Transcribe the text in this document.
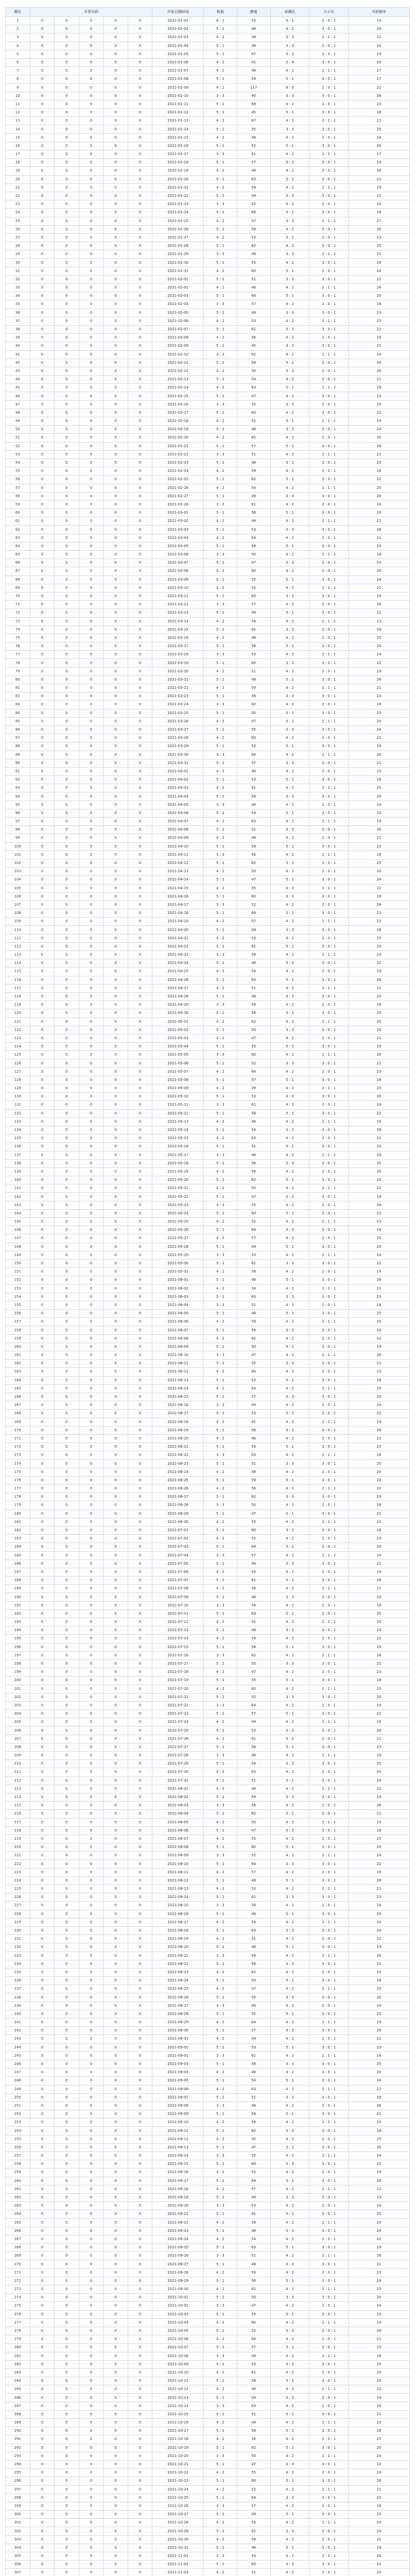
期次	开奖号码					开奖日期时间	和值	跨度	奇偶比	大小比	号码排序
1	0	0	0	0	0	2021-01-01	8 : 1	53	5 : 1	2 : 0 : 1	14
2	0	0	0	0	0	2021-01-02	5 : 1	48	4 : 2	3 : 0 : 1	29
3	0	0	0	0	0	2021-01-03	4 : 2	38	3 : 3	2 : 1 : 1	22
4	0	0	0	0	0	2021-01-04	5 : 1	38	3 : 3	2 : 0 : 1	24
5	0	0	0	0	0	2021-01-05	5 : 1	87	3 : 3	3 : 0 : 1	19
6	0	0	0	0	0	2021-01-06	4 : 2	41	2 : 4	3 : 0 : 1	20
7	0	0	0	0	0	2021-01-07	4 : 2	46	4 : 2	2 : 1 : 1	27
8	0	0	0	0	0	2021-01-08	5 : 1	54	5 : 1	3 : 0 : 1	17
9	0	0	0	0	0	2021-01-09	4 : 2	117	6 : 0	2 : 0 : 1	22
10	0	0	0	0	0	2021-01-10	3 : 3	90	3 : 3	3 : 0 : 1	26
11	0	0	0	0	0	2021-01-11	5 : 1	68	4 : 2	2 : 0 : 1	23
12	0	0	0	0	0	2021-01-12	5 : 1	45	5 : 1	3 : 0 : 1	18
13	0	0	0	0	0	2021-01-13	4 : 2	67	4 : 2	2 : 1 : 1	21
14	0	0	0	0	0	2021-01-14	5 : 1	55	3 : 3	3 : 0 : 1	25
15	0	0	0	0	0	2021-01-15	4 : 2	48	4 : 2	2 : 0 : 1	24
16	0	0	0	0	0	2021-01-16	5 : 1	52	5 : 1	3 : 0 : 1	20
17	0	0	0	0	0	2021-01-17	3 : 3	61	4 : 2	2 : 1 : 1	17
18	0	0	0	0	0	2021-01-18	5 : 1	57	3 : 3	3 : 0 : 1	23
19	0	0	0	0	0	2021-01-19	4 : 2	49	4 : 2	2 : 0 : 1	26
20	0	0	0	0	0	2021-01-20	5 : 1	63	5 : 1	3 : 0 : 1	21
21	0	0	0	0	0	2021-01-21	4 : 2	58	4 : 2	2 : 1 : 1	19
22	0	0	0	0	0	2021-01-22	5 : 1	44	3 : 3	3 : 0 : 1	22
23	0	0	0	0	0	2021-01-23	3 : 3	52	4 : 2	2 : 0 : 1	24
24	0	0	0	0	0	2021-01-24	5 : 1	66	5 : 1	3 : 0 : 1	18
25	0	0	0	0	0	2021-01-25	4 : 2	47	3 : 3	2 : 1 : 1	27
26	0	0	0	0	0	2021-01-26	5 : 1	59	4 : 2	3 : 0 : 1	20
27	0	0	0	0	0	2021-01-27	4 : 2	53	5 : 1	2 : 0 : 1	23
28	0	0	0	0	0	2021-01-28	5 : 1	62	4 : 2	3 : 0 : 1	25
29	0	0	0	0	0	2021-01-29	3 : 3	48	3 : 3	2 : 1 : 1	21
30	0	0	0	0	0	2021-01-30	5 : 1	55	4 : 2	3 : 0 : 1	19
31	0	0	0	0	0	2021-01-31	4 : 2	60	5 : 1	2 : 0 : 1	24
32	0	0	0	0	0	2021-02-01	5 : 1	51	3 : 3	3 : 0 : 1	22
33	0	0	0	0	0	2021-02-02	4 : 2	46	4 : 2	2 : 1 : 1	26
34	0	0	0	0	0	2021-02-03	5 : 1	64	5 : 1	3 : 0 : 1	20
35	0	0	0	0	0	2021-02-04	3 : 3	57	4 : 2	2 : 0 : 1	18
36	0	0	0	0	0	2021-02-05	5 : 1	49	3 : 3	3 : 0 : 1	23
37	0	0	0	0	0	2021-02-06	4 : 2	53	4 : 2	2 : 1 : 1	25
38	0	0	0	0	0	2021-02-07	5 : 1	61	5 : 1	3 : 0 : 1	21
39	0	0	0	0	0	2021-02-08	4 : 2	56	4 : 2	2 : 0 : 1	19
40	0	0	0	0	0	2021-02-09	5 : 1	45	3 : 3	3 : 0 : 1	22
41	0	0	0	0	0	2021-02-10	3 : 3	62	4 : 2	2 : 1 : 1	24
42	0	0	0	0	0	2021-02-11	5 : 1	58	5 : 1	3 : 0 : 1	20
43	0	0	0	0	0	2021-02-12	4 : 2	50	3 : 3	2 : 0 : 1	26
44	0	0	0	0	0	2021-02-13	5 : 1	54	4 : 2	3 : 0 : 1	21
45	0	0	0	0	0	2021-02-14	4 : 2	63	5 : 1	2 : 1 : 1	18
46	0	0	0	0	0	2021-02-15	5 : 1	47	4 : 2	3 : 0 : 1	23
47	0	0	0	0	0	2021-02-16	3 : 3	55	3 : 3	2 : 0 : 1	25
48	0	0	0	0	0	2021-02-17	5 : 1	60	4 : 2	3 : 0 : 1	22
49	0	0	0	0	0	2021-02-18	4 : 2	52	5 : 1	2 : 1 : 1	19
50	0	0	0	0	0	2021-02-19	5 : 1	48	3 : 3	3 : 0 : 1	24
51	0	0	0	0	0	2021-02-20	4 : 2	65	4 : 2	2 : 0 : 1	20
52	0	0	0	0	0	2021-02-21	5 : 1	57	5 : 1	3 : 0 : 1	26
53	0	0	0	0	0	2021-02-22	3 : 3	51	4 : 2	2 : 1 : 1	21
54	0	0	0	0	0	2021-02-23	5 : 1	46	3 : 3	3 : 0 : 1	23
55	0	0	0	0	0	2021-02-24	4 : 2	59	4 : 2	2 : 0 : 1	18
56	0	0	0	0	0	2021-02-25	5 : 1	62	5 : 1	3 : 0 : 1	22
57	0	0	0	0	0	2021-02-26	4 : 2	54	4 : 2	2 : 1 : 1	25
58	0	0	0	0	0	2021-02-27	5 : 1	49	3 : 3	3 : 0 : 1	20
59	0	0	0	0	0	2021-02-28	3 : 3	61	4 : 2	2 : 0 : 1	24
60	0	0	0	0	0	2021-03-01	5 : 1	56	5 : 1	3 : 0 : 1	19
61	0	0	0	0	0	2021-03-02	4 : 2	48	4 : 2	2 : 1 : 1	22
62	0	0	0	0	0	2021-03-03	5 : 1	53	3 : 3	3 : 0 : 1	26
63	0	0	0	0	0	2021-03-04	4 : 2	64	4 : 2	2 : 0 : 1	21
64	0	0	0	0	0	2021-03-05	5 : 1	58	5 : 1	3 : 0 : 1	23
65	0	0	0	0	0	2021-03-06	3 : 3	50	4 : 2	2 : 1 : 1	18
66	0	0	0	0	0	2021-03-07	5 : 1	47	3 : 3	3 : 0 : 1	25
67	0	0	0	0	0	2021-03-08	4 : 2	60	4 : 2	2 : 0 : 1	20
68	0	0	0	0	0	2021-03-09	5 : 1	55	5 : 1	3 : 0 : 1	24
69	0	0	0	0	0	2021-03-10	4 : 2	52	4 : 2	2 : 1 : 1	22
70	0	0	0	0	0	2021-03-11	5 : 1	63	3 : 3	3 : 0 : 1	19
71	0	0	0	0	0	2021-03-12	3 : 3	57	4 : 2	2 : 0 : 1	26
72	0	0	0	0	0	2021-03-13	5 : 1	49	5 : 1	3 : 0 : 1	21
73	0	0	0	0	0	2021-03-14	4 : 2	54	4 : 2	2 : 1 : 1	23
74	0	0	0	0	0	2021-03-15	5 : 1	61	3 : 3	3 : 0 : 1	18
75	0	0	0	0	0	2021-03-16	4 : 2	46	4 : 2	2 : 0 : 1	25
76	0	0	0	0	0	2021-03-17	5 : 1	58	5 : 1	3 : 0 : 1	20
77	0	0	0	0	0	2021-03-18	3 : 3	53	4 : 2	2 : 1 : 1	24
78	0	0	0	0	0	2021-03-19	5 : 1	65	3 : 3	3 : 0 : 1	22
79	0	0	0	0	0	2021-03-20	4 : 2	51	4 : 2	2 : 0 : 1	19
80	0	0	0	0	0	2021-03-21	5 : 1	48	5 : 1	3 : 0 : 1	26
81	0	0	0	0	0	2021-03-22	4 : 2	59	4 : 2	2 : 1 : 1	21
82	0	0	0	0	0	2021-03-23	5 : 1	56	3 : 3	3 : 0 : 1	23
83	0	0	0	0	0	2021-03-24	3 : 3	62	4 : 2	2 : 0 : 1	18
84	0	0	0	0	0	2021-03-25	5 : 1	50	5 : 1	3 : 0 : 1	25
85	0	0	0	0	0	2021-03-26	4 : 2	47	4 : 2	2 : 1 : 1	20
86	0	0	0	0	0	2021-03-27	5 : 1	55	3 : 3	3 : 0 : 1	24
87	0	0	0	0	0	2021-03-28	4 : 2	60	4 : 2	2 : 0 : 1	22
88	0	0	0	0	0	2021-03-29	5 : 1	52	5 : 1	3 : 0 : 1	19
89	0	0	0	0	0	2021-03-30	3 : 3	64	4 : 2	2 : 1 : 1	26
90	0	0	0	0	0	2021-03-31	5 : 1	57	3 : 3	3 : 0 : 1	21
91	0	0	0	0	0	2021-04-01	4 : 2	49	4 : 2	2 : 0 : 1	23
92	0	0	0	0	0	2021-04-02	5 : 1	53	5 : 1	3 : 0 : 1	18
93	0	0	0	0	0	2021-04-03	4 : 2	61	4 : 2	2 : 1 : 1	25
94	0	0	0	0	0	2021-04-04	5 : 1	58	3 : 3	3 : 0 : 1	20
95	0	0	0	0	0	2021-04-05	3 : 3	46	4 : 2	2 : 0 : 1	24
96	0	0	0	0	0	2021-04-06	5 : 1	54	5 : 1	3 : 0 : 1	22
97	0	0	0	0	0	2021-04-07	4 : 2	63	4 : 2	2 : 1 : 1	19
98	0	0	0	0	0	2021-04-08	5 : 1	51	3 : 3	3 : 0 : 1	26
99	0	0	0	0	0	2021-04-09	4 : 2	48	4 : 2	2 : 0 : 1	21
100	0	0	0	0	0	2021-04-10	5 : 1	59	5 : 1	3 : 0 : 1	23
101	0	0	0	0	0	2021-04-11	3 : 3	56	4 : 2	2 : 1 : 1	18
102	0	0	0	0	0	2021-04-12	5 : 1	62	3 : 3	3 : 0 : 1	25
103	0	0	0	0	0	2021-04-13	4 : 2	50	4 : 2	2 : 0 : 1	20
104	0	0	0	0	0	2021-04-14	5 : 1	47	5 : 1	3 : 0 : 1	24
105	0	0	0	0	0	2021-04-15	4 : 2	55	4 : 2	2 : 1 : 1	22
106	0	0	0	0	0	2021-04-16	5 : 1	60	3 : 3	3 : 0 : 1	19
107	0	0	0	0	0	2021-04-17	3 : 3	52	4 : 2	2 : 0 : 1	26
108	0	0	0	0	0	2021-04-18	5 : 1	64	5 : 1	3 : 0 : 1	21
109	0	0	0	0	0	2021-04-19	4 : 2	57	4 : 2	2 : 1 : 1	23
110	0	0	0	0	0	2021-04-20	5 : 1	49	3 : 3	3 : 0 : 1	18
111	0	0	0	0	0	2021-04-21	4 : 2	53	4 : 2	2 : 0 : 1	25
112	0	0	0	0	0	2021-04-22	5 : 1	61	5 : 1	3 : 0 : 1	20
113	0	0	0	0	0	2021-04-23	3 : 3	58	4 : 2	2 : 1 : 1	24
114	0	0	0	0	0	2021-04-24	5 : 1	46	3 : 3	3 : 0 : 1	22
115	0	0	0	0	0	2021-04-25	4 : 2	54	4 : 2	2 : 0 : 1	19
116	0	0	0	0	0	2021-04-26	5 : 1	63	5 : 1	3 : 0 : 1	26
117	0	0	0	0	0	2021-04-27	4 : 2	51	4 : 2	2 : 1 : 1	21
118	0	0	0	0	0	2021-04-28	5 : 1	48	3 : 3	3 : 0 : 1	23
119	0	0	0	0	0	2021-04-29	3 : 3	59	4 : 2	2 : 0 : 1	18
120	0	0	0	0	0	2021-04-30	5 : 1	56	5 : 1	3 : 0 : 1	25
121	0	0	0	0	0	2021-05-01	4 : 2	62	4 : 2	2 : 1 : 1	20
122	0	0	0	0	0	2021-05-02	5 : 1	50	3 : 3	3 : 0 : 1	24
123	0	0	0	0	0	2021-05-03	4 : 2	47	4 : 2	2 : 0 : 1	22
124	0	0	0	0	0	2021-05-04	5 : 1	55	5 : 1	3 : 0 : 1	19
125	0	0	0	0	0	2021-05-05	3 : 3	60	4 : 2	2 : 1 : 1	26
126	0	0	0	0	0	2021-05-06	5 : 1	52	3 : 3	3 : 0 : 1	21
127	0	0	0	0	0	2021-05-07	4 : 2	64	4 : 2	2 : 0 : 1	23
128	0	0	0	0	0	2021-05-08	5 : 1	57	5 : 1	3 : 0 : 1	18
129	0	0	0	0	0	2021-05-09	4 : 2	49	4 : 2	2 : 1 : 1	25
130	0	0	0	0	0	2021-05-10	5 : 1	53	3 : 3	3 : 0 : 1	20
131	0	0	0	0	0	2021-05-11	3 : 3	61	4 : 2	2 : 0 : 1	24
132	0	0	0	0	0	2021-05-12	5 : 1	58	5 : 1	3 : 0 : 1	22
133	0	0	0	0	0	2021-05-13	4 : 2	46	4 : 2	2 : 1 : 1	19
134	0	0	0	0	0	2021-05-14	5 : 1	54	3 : 3	3 : 0 : 1	26
135	0	0	0	0	0	2021-05-15	4 : 2	63	4 : 2	2 : 0 : 1	21
136	0	0	0	0	0	2021-05-16	5 : 1	51	5 : 1	3 : 0 : 1	23
137	0	0	0	0	0	2021-05-17	3 : 3	48	4 : 2	2 : 1 : 1	18
138	0	0	0	0	0	2021-05-18	5 : 1	59	3 : 3	3 : 0 : 1	25
139	0	0	0	0	0	2021-05-19	4 : 2	56	4 : 2	2 : 0 : 1	20
140	0	0	0	0	0	2021-05-20	5 : 1	62	5 : 1	3 : 0 : 1	24
141	0	0	0	0	0	2021-05-21	4 : 2	50	4 : 2	2 : 1 : 1	22
142	0	0	0	0	0	2021-05-22	5 : 1	47	3 : 3	3 : 0 : 1	19
143	0	0	0	0	0	2021-05-23	3 : 3	55	4 : 2	2 : 0 : 1	26
144	0	0	0	0	0	2021-05-24	5 : 1	60	5 : 1	3 : 0 : 1	21
145	0	0	0	0	0	2021-05-25	4 : 2	52	4 : 2	2 : 1 : 1	23
146	0	0	0	0	0	2021-05-26	5 : 1	64	3 : 3	3 : 0 : 1	18
147	0	0	0	0	0	2021-05-27	4 : 2	57	4 : 2	2 : 0 : 1	25
148	0	0	0	0	0	2021-05-28	5 : 1	49	5 : 1	3 : 0 : 1	20
149	0	0	0	0	0	2021-05-29	3 : 3	53	4 : 2	2 : 1 : 1	24
150	0	0	0	0	0	2021-05-30	5 : 1	61	3 : 3	3 : 0 : 1	22
151	0	0	0	0	0	2021-05-31	4 : 2	58	4 : 2	2 : 0 : 1	19
152	0	0	0	0	0	2021-06-01	5 : 1	46	5 : 1	3 : 0 : 1	26
153	0	0	0	0	0	2021-06-02	4 : 2	54	4 : 2	2 : 1 : 1	21
154	0	0	0	0	0	2021-06-03	5 : 1	63	3 : 3	3 : 0 : 1	23
155	0	0	0	0	0	2021-06-04	3 : 3	51	4 : 2	2 : 0 : 1	18
156	0	0	0	0	0	2021-06-05	5 : 1	48	5 : 1	3 : 0 : 1	25
157	0	0	0	0	0	2021-06-06	4 : 2	59	4 : 2	2 : 1 : 1	20
158	0	0	0	0	0	2021-06-07	5 : 1	56	3 : 3	3 : 0 : 1	24
159	0	0	0	0	0	2021-06-08	4 : 2	62	4 : 2	2 : 0 : 1	22
160	0	0	0	0	0	2021-06-09	5 : 1	50	5 : 1	3 : 0 : 1	19
161	0	0	0	0	0	2021-06-10	3 : 3	47	4 : 2	2 : 1 : 1	26
162	0	0	0	0	0	2021-06-11	5 : 1	55	3 : 3	3 : 0 : 1	21
163	0	0	0	0	0	2021-06-12	4 : 2	60	4 : 2	2 : 0 : 1	23
164	0	0	0	0	0	2021-06-13	5 : 1	52	5 : 1	3 : 0 : 1	18
165	0	0	0	0	0	2021-06-14	4 : 2	64	4 : 2	2 : 1 : 1	25
166	0	0	0	0	0	2021-06-15	5 : 1	57	3 : 3	3 : 0 : 1	20
167	0	0	0	0	0	2021-06-16	3 : 3	49	4 : 2	2 : 0 : 1	24
168	0	0	0	0	0	2021-06-17	5 : 1	53	5 : 1	3 : 0 : 1	22
169	0	0	0	0	0	2021-06-18	4 : 2	61	4 : 2	2 : 1 : 1	19
170	0	0	0	0	0	2021-06-19	5 : 1	58	3 : 3	3 : 0 : 1	26
171	0	0	0	0	0	2021-06-20	4 : 2	46	4 : 2	2 : 0 : 1	21
172	0	0	0	0	0	2021-06-21	5 : 1	54	5 : 1	3 : 0 : 1	23
173	0	0	0	0	0	2021-06-22	3 : 3	63	4 : 2	2 : 1 : 1	18
174	0	0	0	0	0	2021-06-23	5 : 1	51	3 : 3	3 : 0 : 1	25
175	0	0	0	0	0	2021-06-24	4 : 2	48	4 : 2	2 : 0 : 1	20
176	0	0	0	0	0	2021-06-25	5 : 1	59	5 : 1	3 : 0 : 1	24
177	0	0	0	0	0	2021-06-26	4 : 2	56	4 : 2	2 : 1 : 1	22
178	0	0	0	0	0	2021-06-27	5 : 1	62	3 : 3	3 : 0 : 1	19
179	0	0	0	0	0	2021-06-28	3 : 3	50	4 : 2	2 : 0 : 1	26
180	0	0	0	0	0	2021-06-29	5 : 1	47	5 : 1	3 : 0 : 1	21
181	0	0	0	0	0	2021-06-30	4 : 2	55	4 : 2	2 : 1 : 1	23
182	0	0	0	0	0	2021-07-01	5 : 1	60	3 : 3	3 : 0 : 1	18
183	0	0	0	0	0	2021-07-02	4 : 2	52	4 : 2	2 : 0 : 1	25
184	0	0	0	0	0	2021-07-03	5 : 1	64	5 : 1	3 : 0 : 1	20
185	0	0	0	0	0	2021-07-04	3 : 3	57	4 : 2	2 : 1 : 1	24
186	0	0	0	0	0	2021-07-05	5 : 1	49	3 : 3	3 : 0 : 1	22
187	0	0	0	0	0	2021-07-06	4 : 2	53	4 : 2	2 : 0 : 1	19
188	0	0	0	0	0	2021-07-07	5 : 1	61	5 : 1	3 : 0 : 1	26
189	0	0	0	0	0	2021-07-08	4 : 2	58	4 : 2	2 : 1 : 1	21
190	0	0	0	0	0	2021-07-09	5 : 1	46	3 : 3	3 : 0 : 1	23
191	0	0	0	0	0	2021-07-10	3 : 3	54	4 : 2	2 : 0 : 1	18
192	0	0	0	0	0	2021-07-11	5 : 1	63	5 : 1	3 : 0 : 1	25
193	0	0	0	0	0	2021-07-12	4 : 2	51	4 : 2	2 : 1 : 1	20
194	0	0	0	0	0	2021-07-13	5 : 1	48	3 : 3	3 : 0 : 1	24
195	0	0	0	0	0	2021-07-14	4 : 2	59	4 : 2	2 : 0 : 1	22
196	0	0	0	0	0	2021-07-15	5 : 1	56	5 : 1	3 : 0 : 1	19
197	0	0	0	0	0	2021-07-16	3 : 3	62	4 : 2	2 : 1 : 1	26
198	0	0	0	0	0	2021-07-17	5 : 1	50	3 : 3	3 : 0 : 1	21
199	0	0	0	0	0	2021-07-18	4 : 2	47	4 : 2	2 : 0 : 1	23
200	0	0	0	0	0	2021-07-19	5 : 1	55	5 : 1	3 : 0 : 1	18
201	0	0	0	0	0	2021-07-20	4 : 2	60	4 : 2	2 : 1 : 1	25
202	0	0	0	0	0	2021-07-21	5 : 1	52	3 : 3	3 : 0 : 1	20
203	0	0	0	0	0	2021-07-22	3 : 3	64	4 : 2	2 : 0 : 1	24
204	0	0	0	0	0	2021-07-23	5 : 1	57	5 : 1	3 : 0 : 1	22
205	0	0	0	0	0	2021-07-24	4 : 2	49	4 : 2	2 : 1 : 1	19
206	0	0	0	0	0	2021-07-25	5 : 1	53	3 : 3	3 : 0 : 1	26
207	0	0	0	0	0	2021-07-26	4 : 2	61	4 : 2	2 : 0 : 1	21
208	0	0	0	0	0	2021-07-27	5 : 1	58	5 : 1	3 : 0 : 1	23
209	0	0	0	0	0	2021-07-28	3 : 3	46	4 : 2	2 : 1 : 1	18
210	0	0	0	0	0	2021-07-29	5 : 1	54	3 : 3	3 : 0 : 1	25
211	0	0	0	0	0	2021-07-30	4 : 2	63	4 : 2	2 : 0 : 1	20
212	0	0	0	0	0	2021-07-31	5 : 1	51	5 : 1	3 : 0 : 1	24
213	0	0	0	0	0	2021-08-01	4 : 2	48	4 : 2	2 : 1 : 1	22
214	0	0	0	0	0	2021-08-02	5 : 1	59	3 : 3	3 : 0 : 1	19
215	0	0	0	0	0	2021-08-03	3 : 3	56	4 : 2	2 : 0 : 1	26
216	0	0	0	0	0	2021-08-04	5 : 1	62	5 : 1	3 : 0 : 1	21
217	0	0	0	0	0	2021-08-05	4 : 2	50	4 : 2	2 : 1 : 1	23
218	0	0	0	0	0	2021-08-06	5 : 1	47	3 : 3	3 : 0 : 1	18
219	0	0	0	0	0	2021-08-07	4 : 2	55	4 : 2	2 : 0 : 1	25
220	0	0	0	0	0	2021-08-08	5 : 1	60	5 : 1	3 : 0 : 1	20
221	0	0	0	0	0	2021-08-09	3 : 3	52	4 : 2	2 : 1 : 1	24
222	0	0	0	0	0	2021-08-10	5 : 1	64	3 : 3	3 : 0 : 1	22
223	0	0	0	0	0	2021-08-11	4 : 2	57	4 : 2	2 : 0 : 1	19
224	0	0	0	0	0	2021-08-12	5 : 1	49	5 : 1	3 : 0 : 1	26
225	0	0	0	0	0	2021-08-13	4 : 2	53	4 : 2	2 : 1 : 1	21
226	0	0	0	0	0	2021-08-14	5 : 1	61	3 : 3	3 : 0 : 1	23
227	0	0	0	0	0	2021-08-15	3 : 3	58	4 : 2	2 : 0 : 1	18
228	0	0	0	0	0	2021-08-16	5 : 1	46	5 : 1	3 : 0 : 1	25
229	0	0	0	0	0	2021-08-17	4 : 2	54	4 : 2	2 : 1 : 1	20
230	0	0	0	0	0	2021-08-18	5 : 1	63	3 : 3	3 : 0 : 1	24
231	0	0	0	0	0	2021-08-19	4 : 2	51	4 : 2	2 : 0 : 1	22
232	0	0	0	0	0	2021-08-20	5 : 1	48	5 : 1	3 : 0 : 1	19
233	0	0	0	0	0	2021-08-21	3 : 3	59	4 : 2	2 : 1 : 1	26
234	0	0	0	0	0	2021-08-22	5 : 1	56	3 : 3	3 : 0 : 1	21
235	0	0	0	0	0	2021-08-23	4 : 2	62	4 : 2	2 : 0 : 1	23
236	0	0	0	0	0	2021-08-24	5 : 1	50	5 : 1	3 : 0 : 1	18
237	0	0	0	0	0	2021-08-25	4 : 2	47	4 : 2	2 : 1 : 1	25
238	0	0	0	0	0	2021-08-26	5 : 1	55	3 : 3	3 : 0 : 1	20
239	0	0	0	0	0	2021-08-27	3 : 3	60	4 : 2	2 : 0 : 1	24
240	0	0	0	0	0	2021-08-28	5 : 1	52	5 : 1	3 : 0 : 1	22
241	0	0	0	0	0	2021-08-29	4 : 2	64	4 : 2	2 : 1 : 1	19
242	0	0	0	0	0	2021-08-30	5 : 1	57	3 : 3	3 : 0 : 1	26
243	0	0	0	0	0	2021-08-31	4 : 2	49	4 : 2	2 : 0 : 1	21
244	0	0	0	0	0	2021-09-01	5 : 1	53	5 : 1	3 : 0 : 1	23
245	0	0	0	0	0	2021-09-02	3 : 3	61	4 : 2	2 : 1 : 1	18
246	0	0	0	0	0	2021-09-03	5 : 1	58	3 : 3	3 : 0 : 1	25
247	0	0	0	0	0	2021-09-04	4 : 2	46	4 : 2	2 : 0 : 1	20
248	0	0	0	0	0	2021-09-05	5 : 1	54	5 : 1	3 : 0 : 1	24
249	0	0	0	0	0	2021-09-06	4 : 2	63	4 : 2	2 : 1 : 1	22
250	0	0	0	0	0	2021-09-07	5 : 1	51	3 : 3	3 : 0 : 1	19
251	0	0	0	0	0	2021-09-08	3 : 3	48	4 : 2	2 : 0 : 1	26
252	0	0	0	0	0	2021-09-09	5 : 1	59	5 : 1	3 : 0 : 1	21
253	0	0	0	0	0	2021-09-10	4 : 2	56	4 : 2	2 : 1 : 1	23
254	0	0	0	0	0	2021-09-11	5 : 1	62	3 : 3	3 : 0 : 1	18
255	0	0	0	0	0	2021-09-12	4 : 2	50	4 : 2	2 : 0 : 1	25
256	0	0	0	0	0	2021-09-13	5 : 1	47	5 : 1	3 : 0 : 1	20
257	0	0	0	0	0	2021-09-14	3 : 3	55	4 : 2	2 : 1 : 1	24
258	0	0	0	0	0	2021-09-15	5 : 1	60	3 : 3	3 : 0 : 1	22
259	0	0	0	0	0	2021-09-16	4 : 2	52	4 : 2	2 : 0 : 1	19
260	0	0	0	0	0	2021-09-17	5 : 1	64	5 : 1	3 : 0 : 1	26
261	0	0	0	0	0	2021-09-18	4 : 2	57	4 : 2	2 : 1 : 1	21
262	0	0	0	0	0	2021-09-19	5 : 1	49	3 : 3	3 : 0 : 1	23
263	0	0	0	0	0	2021-09-20	3 : 3	53	4 : 2	2 : 0 : 1	18
264	0	0	0	0	0	2021-09-21	5 : 1	61	5 : 1	3 : 0 : 1	25
265	0	0	0	0	0	2021-09-22	4 : 2	58	4 : 2	2 : 1 : 1	20
266	0	0	0	0	0	2021-09-23	5 : 1	46	3 : 3	3 : 0 : 1	24
267	0	0	0	0	0	2021-09-24	4 : 2	54	4 : 2	2 : 0 : 1	22
268	0	0	0	0	0	2021-09-25	5 : 1	63	5 : 1	3 : 0 : 1	19
269	0	0	0	0	0	2021-09-26	3 : 3	51	4 : 2	2 : 1 : 1	26
270	0	0	0	0	0	2021-09-27	5 : 1	48	3 : 3	3 : 0 : 1	21
271	0	0	0	0	0	2021-09-28	4 : 2	59	4 : 2	2 : 0 : 1	23
272	0	0	0	0	0	2021-09-29	5 : 1	56	5 : 1	3 : 0 : 1	18
273	0	0	0	0	0	2021-09-30	4 : 2	62	4 : 2	2 : 1 : 1	25
274	0	0	0	0	0	2021-10-01	5 : 1	50	3 : 3	3 : 0 : 1	20
275	0	0	0	0	0	2021-10-02	3 : 3	47	4 : 2	2 : 0 : 1	24
276	0	0	0	0	0	2021-10-03	5 : 1	55	5 : 1	3 : 0 : 1	22
277	0	0	0	0	0	2021-10-04	4 : 2	60	4 : 2	2 : 1 : 1	19
278	0	0	0	0	0	2021-10-05	5 : 1	52	3 : 3	3 : 0 : 1	26
279	0	0	0	0	0	2021-10-06	4 : 2	64	4 : 2	2 : 0 : 1	21
280	0	0	0	0	0	2021-10-07	5 : 1	57	5 : 1	3 : 0 : 1	23
281	0	0	0	0	0	2021-10-08	3 : 3	49	4 : 2	2 : 1 : 1	18
282	0	0	0	0	0	2021-10-09	5 : 1	53	3 : 3	3 : 0 : 1	25
283	0	0	0	0	0	2021-10-10	4 : 2	61	4 : 2	2 : 0 : 1	20
284	0	0	0	0	0	2021-10-11	5 : 1	58	5 : 1	3 : 0 : 1	24
285	0	0	0	0	0	2021-10-12	4 : 2	46	4 : 2	2 : 1 : 1	22
286	0	0	0	0	0	2021-10-13	5 : 1	54	3 : 3	3 : 0 : 1	19
287	0	0	0	0	0	2021-10-14	3 : 3	63	4 : 2	2 : 0 : 1	26
288	0	0	0	0	0	2021-10-15	5 : 1	51	5 : 1	3 : 0 : 1	21
289	0	0	0	0	0	2021-10-16	4 : 2	48	4 : 2	2 : 1 : 1	23
290	0	0	0	0	0	2021-10-17	5 : 1	59	3 : 3	3 : 0 : 1	18
291	0	0	0	0	0	2021-10-18	4 : 2	56	4 : 2	2 : 0 : 1	25
292	0	0	0	0	0	2021-10-19	5 : 1	62	5 : 1	3 : 0 : 1	20
293	0	0	0	0	0	2021-10-20	3 : 3	50	4 : 2	2 : 1 : 1	24
294	0	0	0	0	0	2021-10-21	5 : 1	47	3 : 3	3 : 0 : 1	22
295	0	0	0	0	0	2021-10-22	4 : 2	55	4 : 2	2 : 0 : 1	19
296	0	0	0	0	0	2021-10-23	5 : 1	60	5 : 1	3 : 0 : 1	26
297	0	0	0	0	0	2021-10-24	4 : 2	52	4 : 2	2 : 1 : 1	21
298	0	0	0	0	0	2021-10-25	5 : 1	64	3 : 3	3 : 0 : 1	23
299	0	0	0	0	0	2021-10-26	3 : 3	57	4 : 2	2 : 0 : 1	18
300	0	0	0	0	0	2021-10-27	5 : 1	49	5 : 1	3 : 0 : 1	25
301	0	0	0	0	0	2021-10-28	4 : 2	53	4 : 2	2 : 1 : 1	20
302	0	0	0	0	0	2021-10-29	5 : 1	61	3 : 3	3 : 0 : 1	24
303	0	0	0	0	0	2021-10-30	4 : 2	58	4 : 2	2 : 0 : 1	22
304	0	0	0	0	0	2021-10-31	5 : 1	46	5 : 1	3 : 0 : 1	19
305	0	0	0	0	0	2021-11-01	3 : 3	54	4 : 2	2 : 1 : 1	26
306	0	0	0	0	0	2021-11-02	5 : 1	63	3 : 3	3 : 0 : 1	21
307	0	0	0	0	0	2021-11-03	4 : 2	51	4 : 2	2 : 0 : 1	23
